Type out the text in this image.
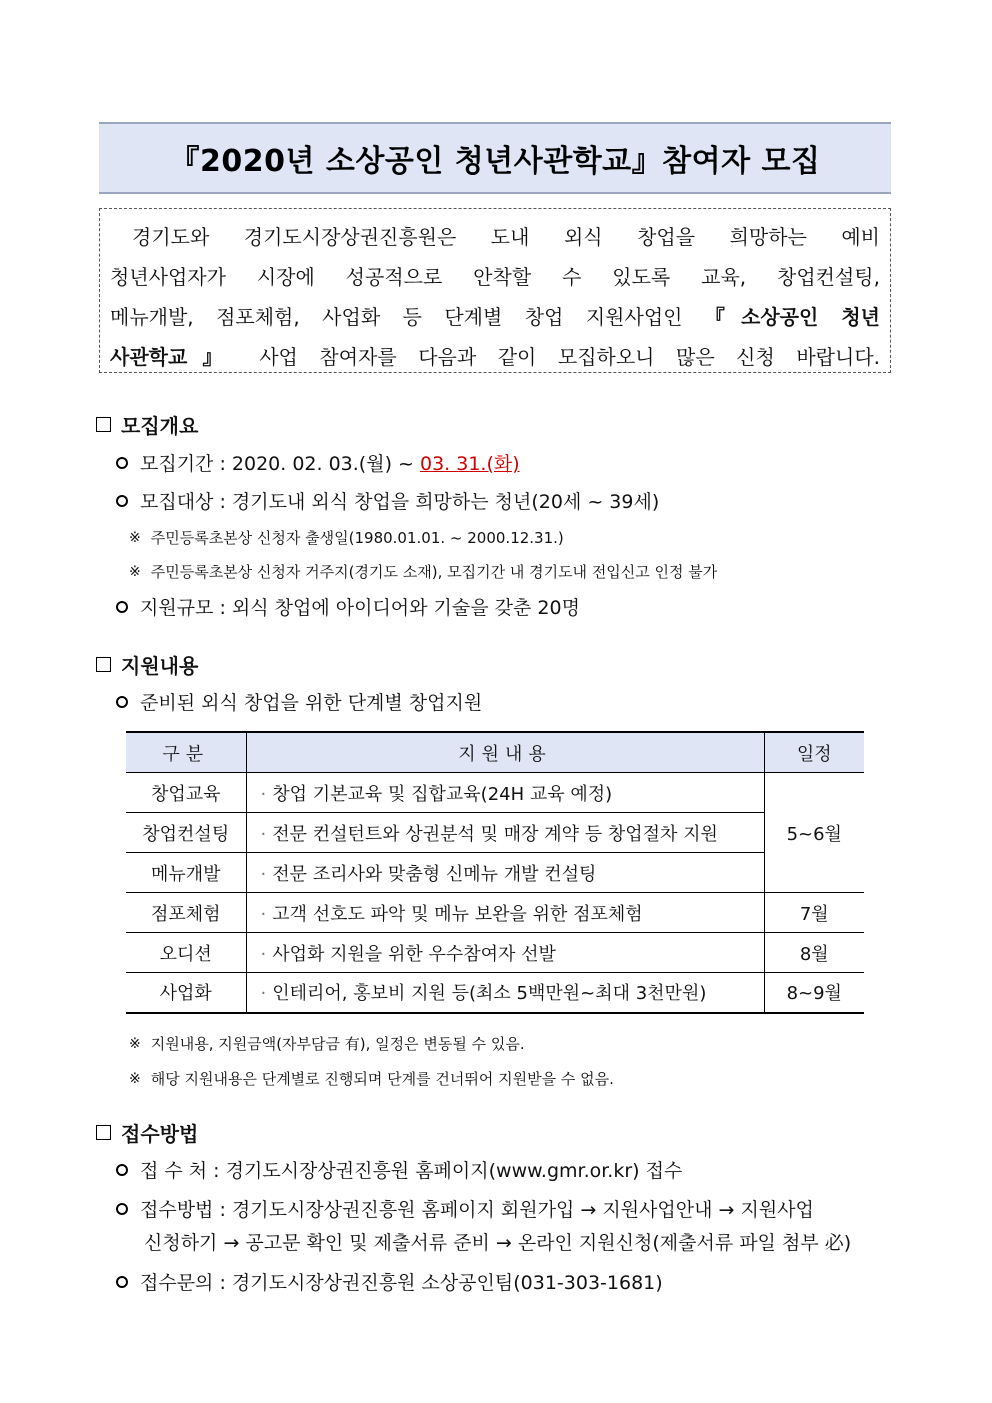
『2020년 소상공인 청년사관학교』참여자 모집
경기도와 경기도시장상권진흥원은 도내 외식 창업을 희망하는 예비
청년사업자가 시장에 성공적으로 안착할 수 있도록 교육, 창업컨설팅,
메뉴개발, 점포체험, 사업화 등 단계별 창업 지원사업인 『소상공인 청년
사관학교』 사업 참여자를 다음과 같이 모집하오니 많은 신청 바랍니다.
모집개요
모집기간 : 2020. 02. 03.(월) ~ 03. 31.(화)
모집대상 : 경기도내 외식 창업을 희망하는 청년(20세 ~ 39세)
※ 주민등록초본상 신청자 출생일(1980.01.01. ~ 2000.12.31.)
※ 주민등록초본상 신청자 거주지(경기도 소재), 모집기간 내 경기도내 전입신고 인정 불가
지원규모 : 외식 창업에 아이디어와 기술을 갖춘 20명
지원내용
준비된 외식 창업을 위한 단계별 창업지원
구분	지원내용	일정
창업교육	· 창업 기본교육 및 집합교육(24H 교육 예정)	5~6월
창업컨설팅	· 전문 컨설턴트와 상권분석 및 매장 계약 등 창업절차 지원	
메뉴개발	· 전문 조리사와 맞춤형 신메뉴 개발 컨설팅	
점포체험	· 고객 선호도 파악 및 메뉴 보완을 위한 점포체험	7월
오디션	· 사업화 지원을 위한 우수참여자 선발	8월
사업화	· 인테리어, 홍보비 지원 등(최소 5백만원~최대 3천만원)	8~9월
※ 지원내용, 지원금액(자부담금 有), 일정은 변동될 수 있음.
※ 해당 지원내용은 단계별로 진행되며 단계를 건너뛰어 지원받을 수 없음.
접수방법
접 수 처 : 경기도시장상권진흥원 홈페이지(www.gmr.or.kr) 접수
접수방법 : 경기도시장상권진흥원 홈페이지 회원가입 → 지원사업안내 → 지원사업
신청하기 → 공고문 확인 및 제출서류 준비 → 온라인 지원신청(제출서류 파일 첨부 必)
접수문의 : 경기도시장상권진흥원 소상공인팀(031-303-1681)
